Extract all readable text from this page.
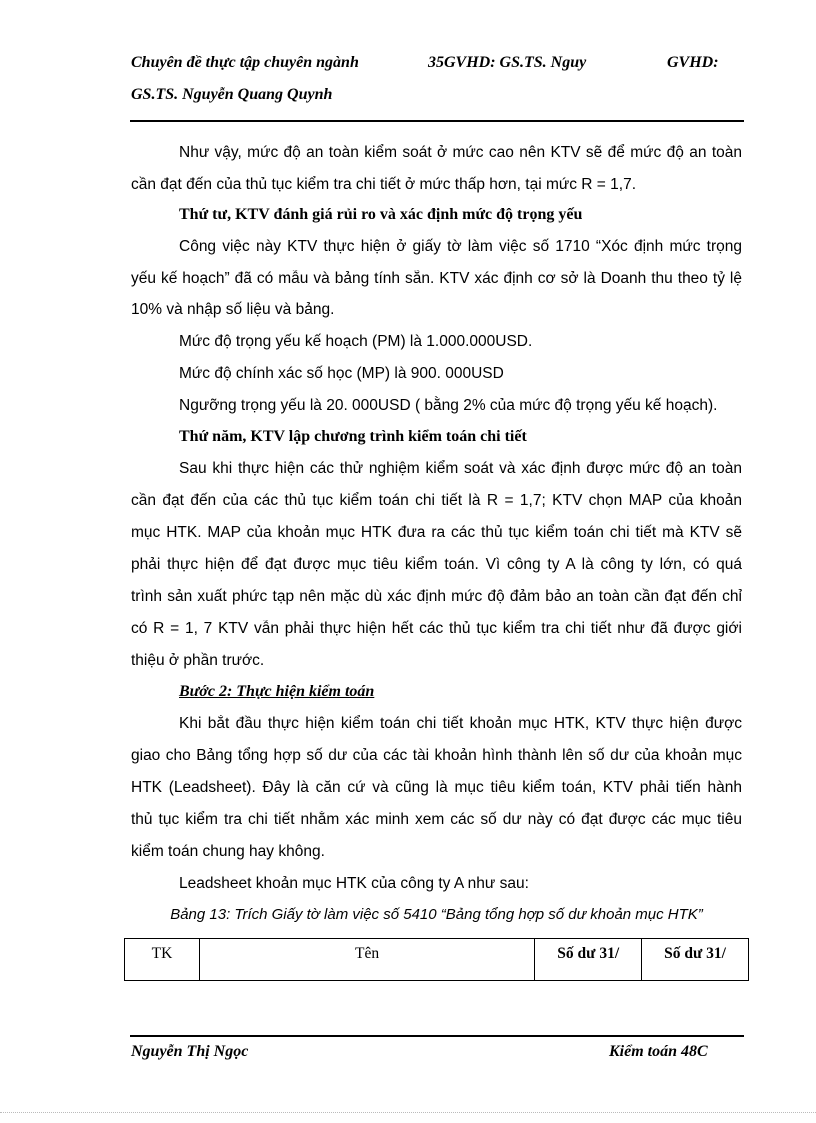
Chuyên đề thực tập chuyên ngành	35GVHD: GS.TS. Nguy	GVHD:
GS.TS. Nguyễn Quang Quynh
Như vậy, mức độ an toàn kiểm soát ở mức cao nên KTV sẽ để mức độ an toàn
cần đạt đến của thủ tục kiểm tra chi tiết ở mức thấp hơn, tại mức R = 1,7.
Thứ tư, KTV đánh giá rủi ro và xác định mức độ trọng yếu
Công việc này KTV thực hiện ở giấy tờ làm việc số 1710 “Xóc định mức trọng
yếu kế hoạch” đã có mẫu và bảng tính sẵn. KTV xác định cơ sở là Doanh thu theo tỷ lệ
10% và nhập số liệu và bảng.
Mức độ trọng yếu kế hoạch (PM) là 1.000.000USD.
Mức độ chính xác số học (MP) là 900. 000USD
Ngưỡng trọng yếu là 20. 000USD ( bằng 2% của mức độ trọng yếu kế hoạch).
Thứ năm, KTV lập chương trình kiểm toán chi tiết
Sau khi thực hiện các thử nghiệm kiểm soát và xác định được mức độ an toàn
cần đạt đến của các thủ tục kiểm toán chi tiết là R = 1,7; KTV chọn MAP của khoản
mục HTK. MAP của khoản mục HTK đưa ra các thủ tục kiểm toán chi tiết mà KTV sẽ
phải thực hiện để đạt được mục tiêu kiểm toán. Vì công ty A là công ty lớn, có quá
trình sản xuất phức tạp nên mặc dù xác định mức độ đảm bảo an toàn cần đạt đến chỉ
có R = 1, 7 KTV vẫn phải thực hiện hết các thủ tục kiểm tra chi tiết như đã được giới
thiệu ở phần trước.
Bước 2: Thực hiện kiểm toán
Khi bắt đầu thực hiện kiểm toán chi tiết khoản mục HTK, KTV thực hiện được
giao cho Bảng tổng hợp số dư của các tài khoản hình thành lên số dư của khoản mục
HTK (Leadsheet). Đây là căn cứ và cũng là mục tiêu kiểm toán, KTV phải tiến hành
thủ tục kiểm tra chi tiết nhằm xác minh xem các số dư này có đạt được các mục tiêu
kiểm toán chung hay không.
Leadsheet khoản mục HTK của công ty A như sau:
Bảng 13: Trích Giấy tờ làm việc số 5410 “Bảng tổng hợp số dư khoản mục HTK”
TK	Tên	Số dư 31/	Số dư 31/
Nguyễn Thị Ngọc	Kiểm toán 48C
